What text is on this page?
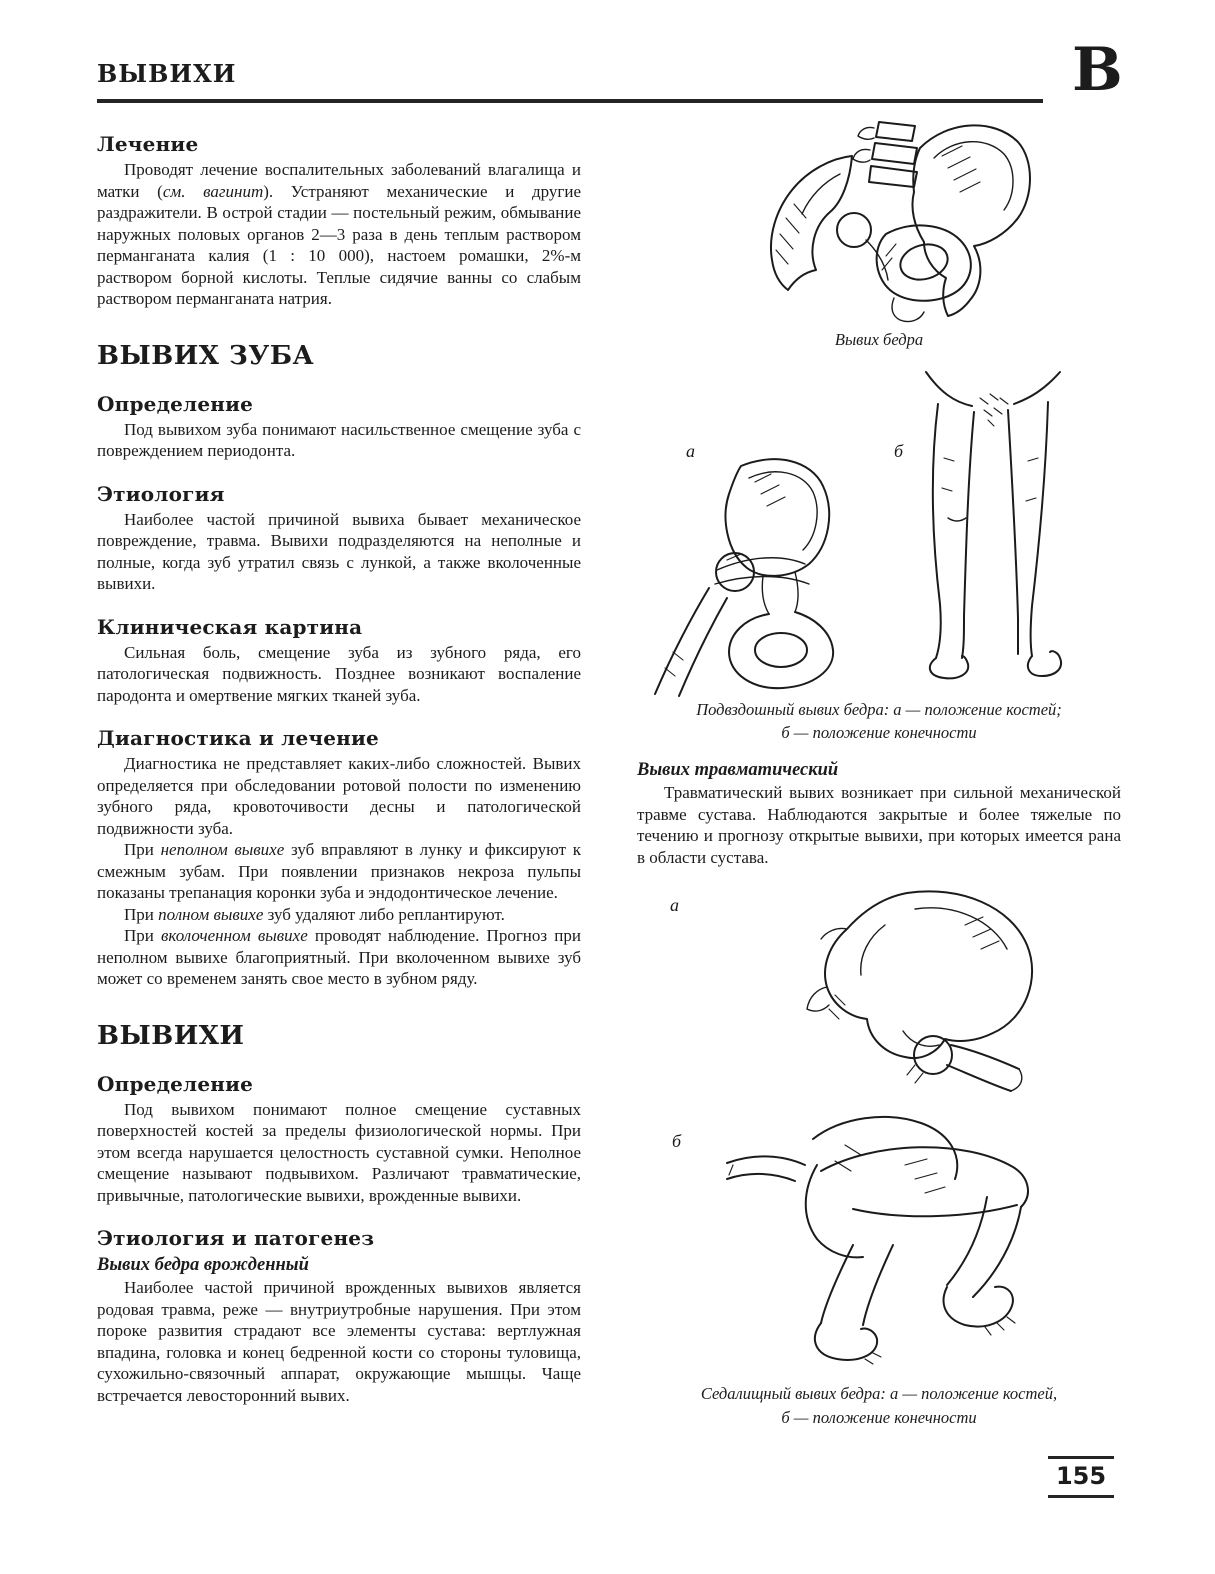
ВЫВИХИ	В
Лечение

Проводят лечение воспалительных заболеваний влагалища и матки (см. вагинит). Устраняют механические и другие раздражители. В острой стадии — постельный режим, обмывание наружных половых органов 2—3 раза в день теплым раствором перманганата калия (1 : 10 000), настоем ромашки, 2%-м раствором борной кислоты. Теплые сидячие ванны со слабым раствором перманганата натрия.

ВЫВИХ ЗУБА
Определение

Под вывихом зуба понимают насильственное смещение зуба с повреждением периодонта.

Этиология

Наиболее частой причиной вывиха бывает механическое повреждение, травма. Вывихи подразделяются на неполные и полные, когда зуб утратил связь с лункой, а также вколоченные вывихи.

Клиническая картина

Сильная боль, смещение зуба из зубного ряда, его патологическая подвижность. Позднее возникают воспаление пародонта и омертвение мягких тканей зуба.

Диагностика и лечение

Диагностика не представляет каких-либо сложностей. Вывих определяется при обследовании ротовой полости по изменению зубного ряда, кровоточивости десны и патологической подвижности зуба.

При неполном вывихе зуб вправляют в лунку и фиксируют к смежным зубам. При появлении признаков некроза пульпы показаны трепанация коронки зуба и эндодонтическое лечение.

При полном вывихе зуб удаляют либо реплантируют.

При вколоченном вывихе проводят наблюдение. Прогноз при неполном вывихе благоприятный. При вколоченном вывихе зуб может со временем занять свое место в зубном ряду.

ВЫВИХИ
Определение

Под вывихом понимают полное смещение суставных поверхностей костей за пределы физиологической нормы. При этом всегда нарушается целостность суставной сумки. Неполное смещение называют подвывихом. Различают травматические, привычные, патологические вывихи, врожденные вывихи.

Этиология и патогенез
Вывих бедра врожденный

Наиболее частой причиной врожденных вывихов является родовая травма, реже — внутриутробные нарушения. При этом пороке развития страдают все элементы сустава: вертлужная впадина, головка и конец бедренной кости со стороны туловища, сухожильно-связочный аппарат, окружающие мышцы. Чаще встречается левосторонний вывих.

Вывих бедра
а	б
Подвздошный вывих бедра: а — положение костей;
б — положение конечности
Вывих травматический

Травматический вывих возникает при сильной механической травме сустава. Наблюдаются закрытые и более тяжелые по течению и прогнозу открытые вывихи, при которых имеется рана в области сустава.

а
б
Седалищный вывих бедра: а — положение костей,
б — положение конечности
155
